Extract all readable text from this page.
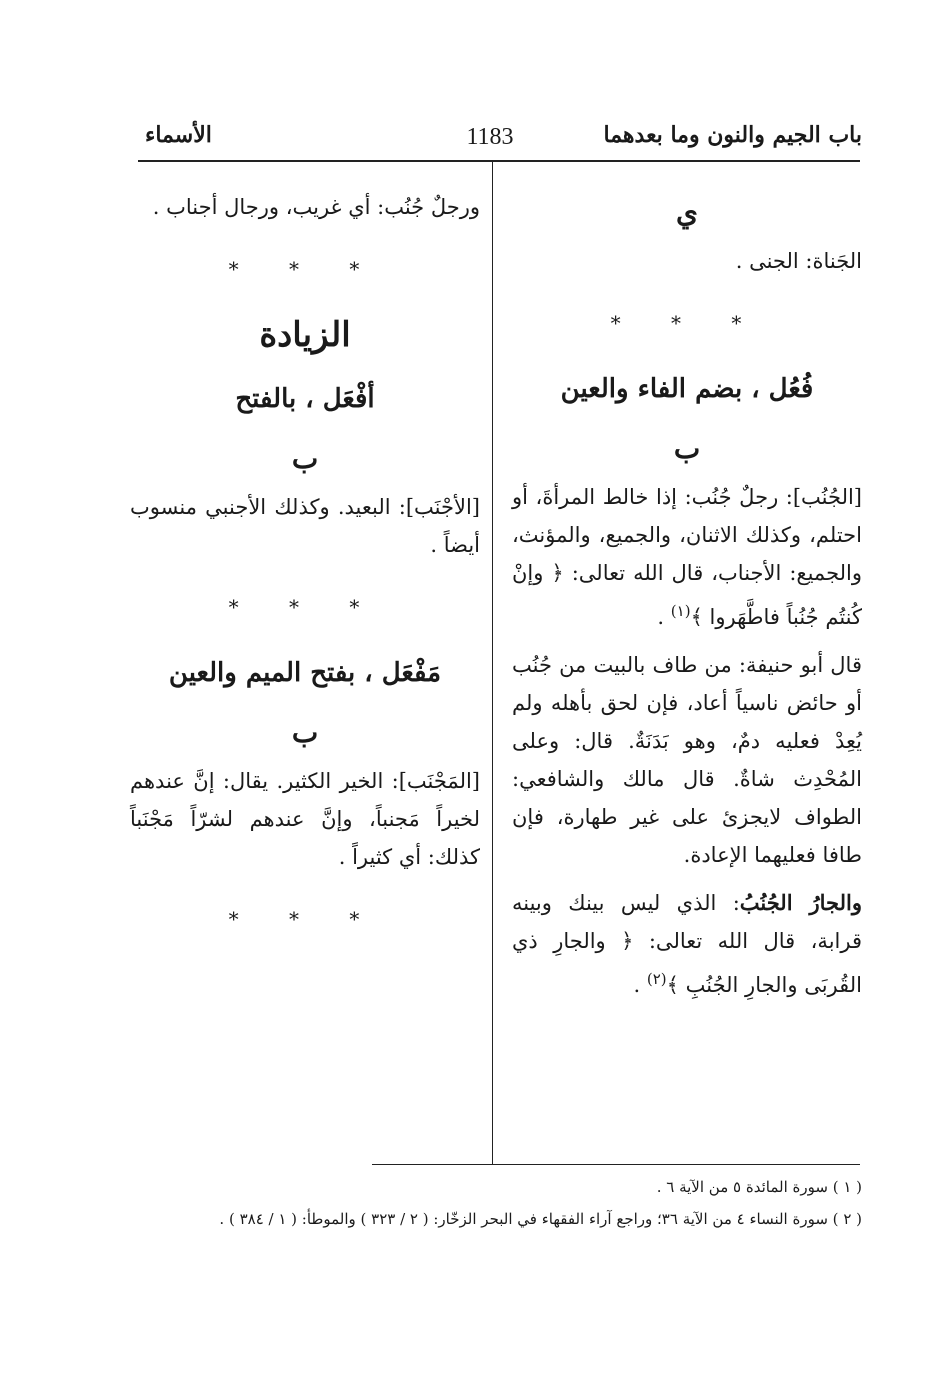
باب الجيم والنون وما بعدهما
1183
الأسماء
ي

الجَناة: الجنى .

* * *
فُعُل ، بضم الفاء والعين
ب

[الجُنُب]: رجلٌ جُنُب: إذا خالط المرأةَ، أو احتلم، وكذلك الاثنان، والجميع، والمؤنث، والجميع: الأجناب، قال الله تعالى: ﴿ وإنْ كُنتُم جُنُباً فاطَّهَروا ﴾$^{(١)}$ .

قال أبو حنيفة: من طاف بالبيت من جُنُب أو حائض ناسياً أعاد، فإن لحق بأهله ولم يُعِدْ فعليه دمٌ، وهو بَدَنَةٌ. قال: وعلى المُحْدِث شاةٌ. قال مالك والشافعي: الطواف لايجزئ على غير طهارة، فإن طافا فعليهما الإعادة.

والجارُ الجُنُبُ: الذي ليس بينك وبينه قرابة، قال الله تعالى: ﴿ والجارِ ذي القُربَى والجارِ الجُنُبِ ﴾$^{(٢)}$ .

ورجلٌ جُنُب: أي غريب، ورجال أجناب .

* * *
الزيادة
أفْعَل ، بالفتح
ب

[الأجْنَب]: البعيد. وكذلك الأجنبي منسوب أيضاً .

* * *
مَفْعَل ، بفتح الميم والعين
ب

[المَجْنَب]: الخير الكثير. يقال: إنَّ عندهم لخيراً مَجنباً، وإنَّ عندهم لشرّاً مَجْنَباً كذلك: أي كثيراً .

* * *
( ١ ) سورة المائدة ٥ من الآية ٦ .
( ٢ ) سورة النساء ٤ من الآية ٣٦؛ وراجع آراء الفقهاء في البحر الزخّار: ( ٢ / ٣٢٣ ) والموطأ: ( ١ / ٣٨٤ ) .
